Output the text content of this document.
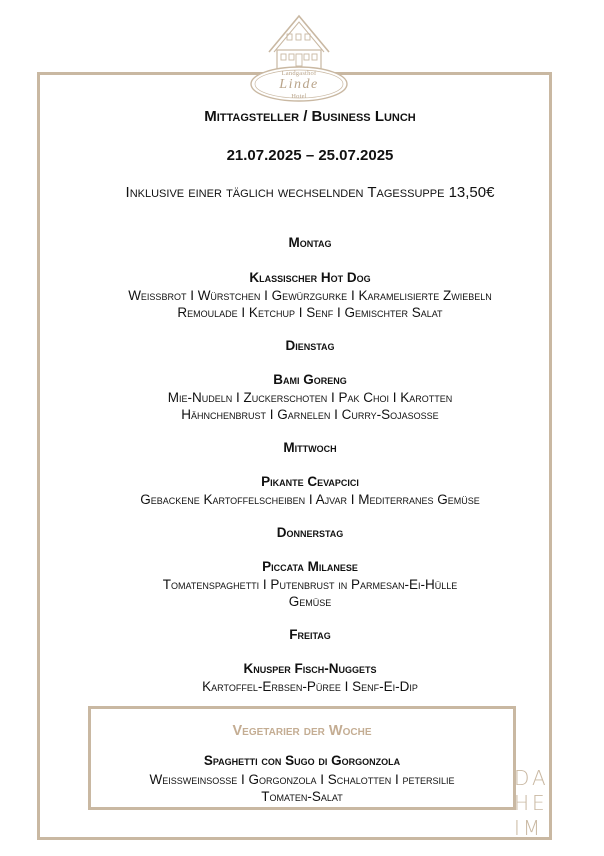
Landgasthof
Linde
Hotel
Mittagsteller / Business Lunch
21.07.2025 – 25.07.2025
Inklusive einer täglich wechselnden Tagessuppe 13,50€
Montag
Klassischer Hot Dog
Weißbrot I Würstchen I Gewürzgurke I Karamelisierte Zwiebeln
Remoulade I Ketchup I Senf I Gemischter Salat
Dienstag
Bami Goreng
Mie-Nudeln I Zuckerschoten I Pak Choi I Karotten
Hähnchenbrust I Garnelen I Curry-Sojasoße
Mittwoch
Pikante Cevapcici
Gebackene Kartoffelscheiben I Ajvar I Mediterranes Gemüse
Donnerstag
Piccata Milanese
Tomatenspaghetti I Putenbrust in Parmesan-Ei-Hülle
Gemüse
Freitag
Knusper Fisch-Nuggets
Kartoffel-Erbsen-Püree I Senf-Ei-Dip
Vegetarier der Woche
Spaghetti con Sugo di Gorgonzola
Weißweinsoße I Gorgonzola I Schalotten I petersilie
Tomaten-Salat
DA
HE
IM
